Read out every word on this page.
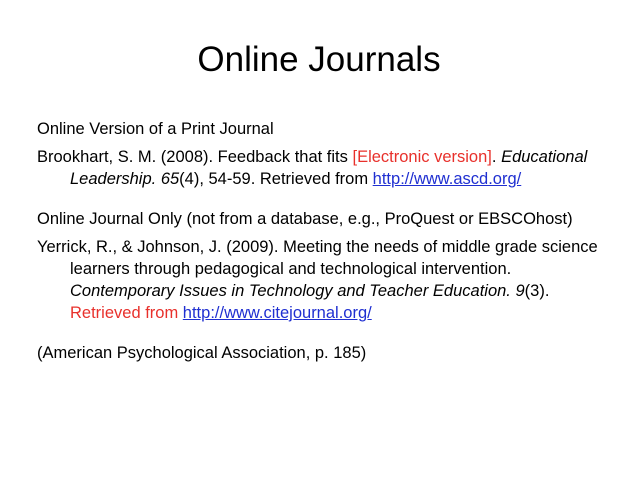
Online Journals

Online Version of a Print Journal

Brookhart, S. M. (2008). Feedback that fits [Electronic version]. Educational Leadership. 65(4), 54-59. Retrieved from http://www.ascd.org/

Online Journal Only (not from a database, e.g., ProQuest or EBSCOhost)

Yerrick, R., & Johnson, J. (2009). Meeting the needs of middle grade science learners through pedagogical and technological intervention. Contemporary Issues in Technology and Teacher Education. 9(3). Retrieved from http://www.citejournal.org/

(American Psychological Association, p. 185)
